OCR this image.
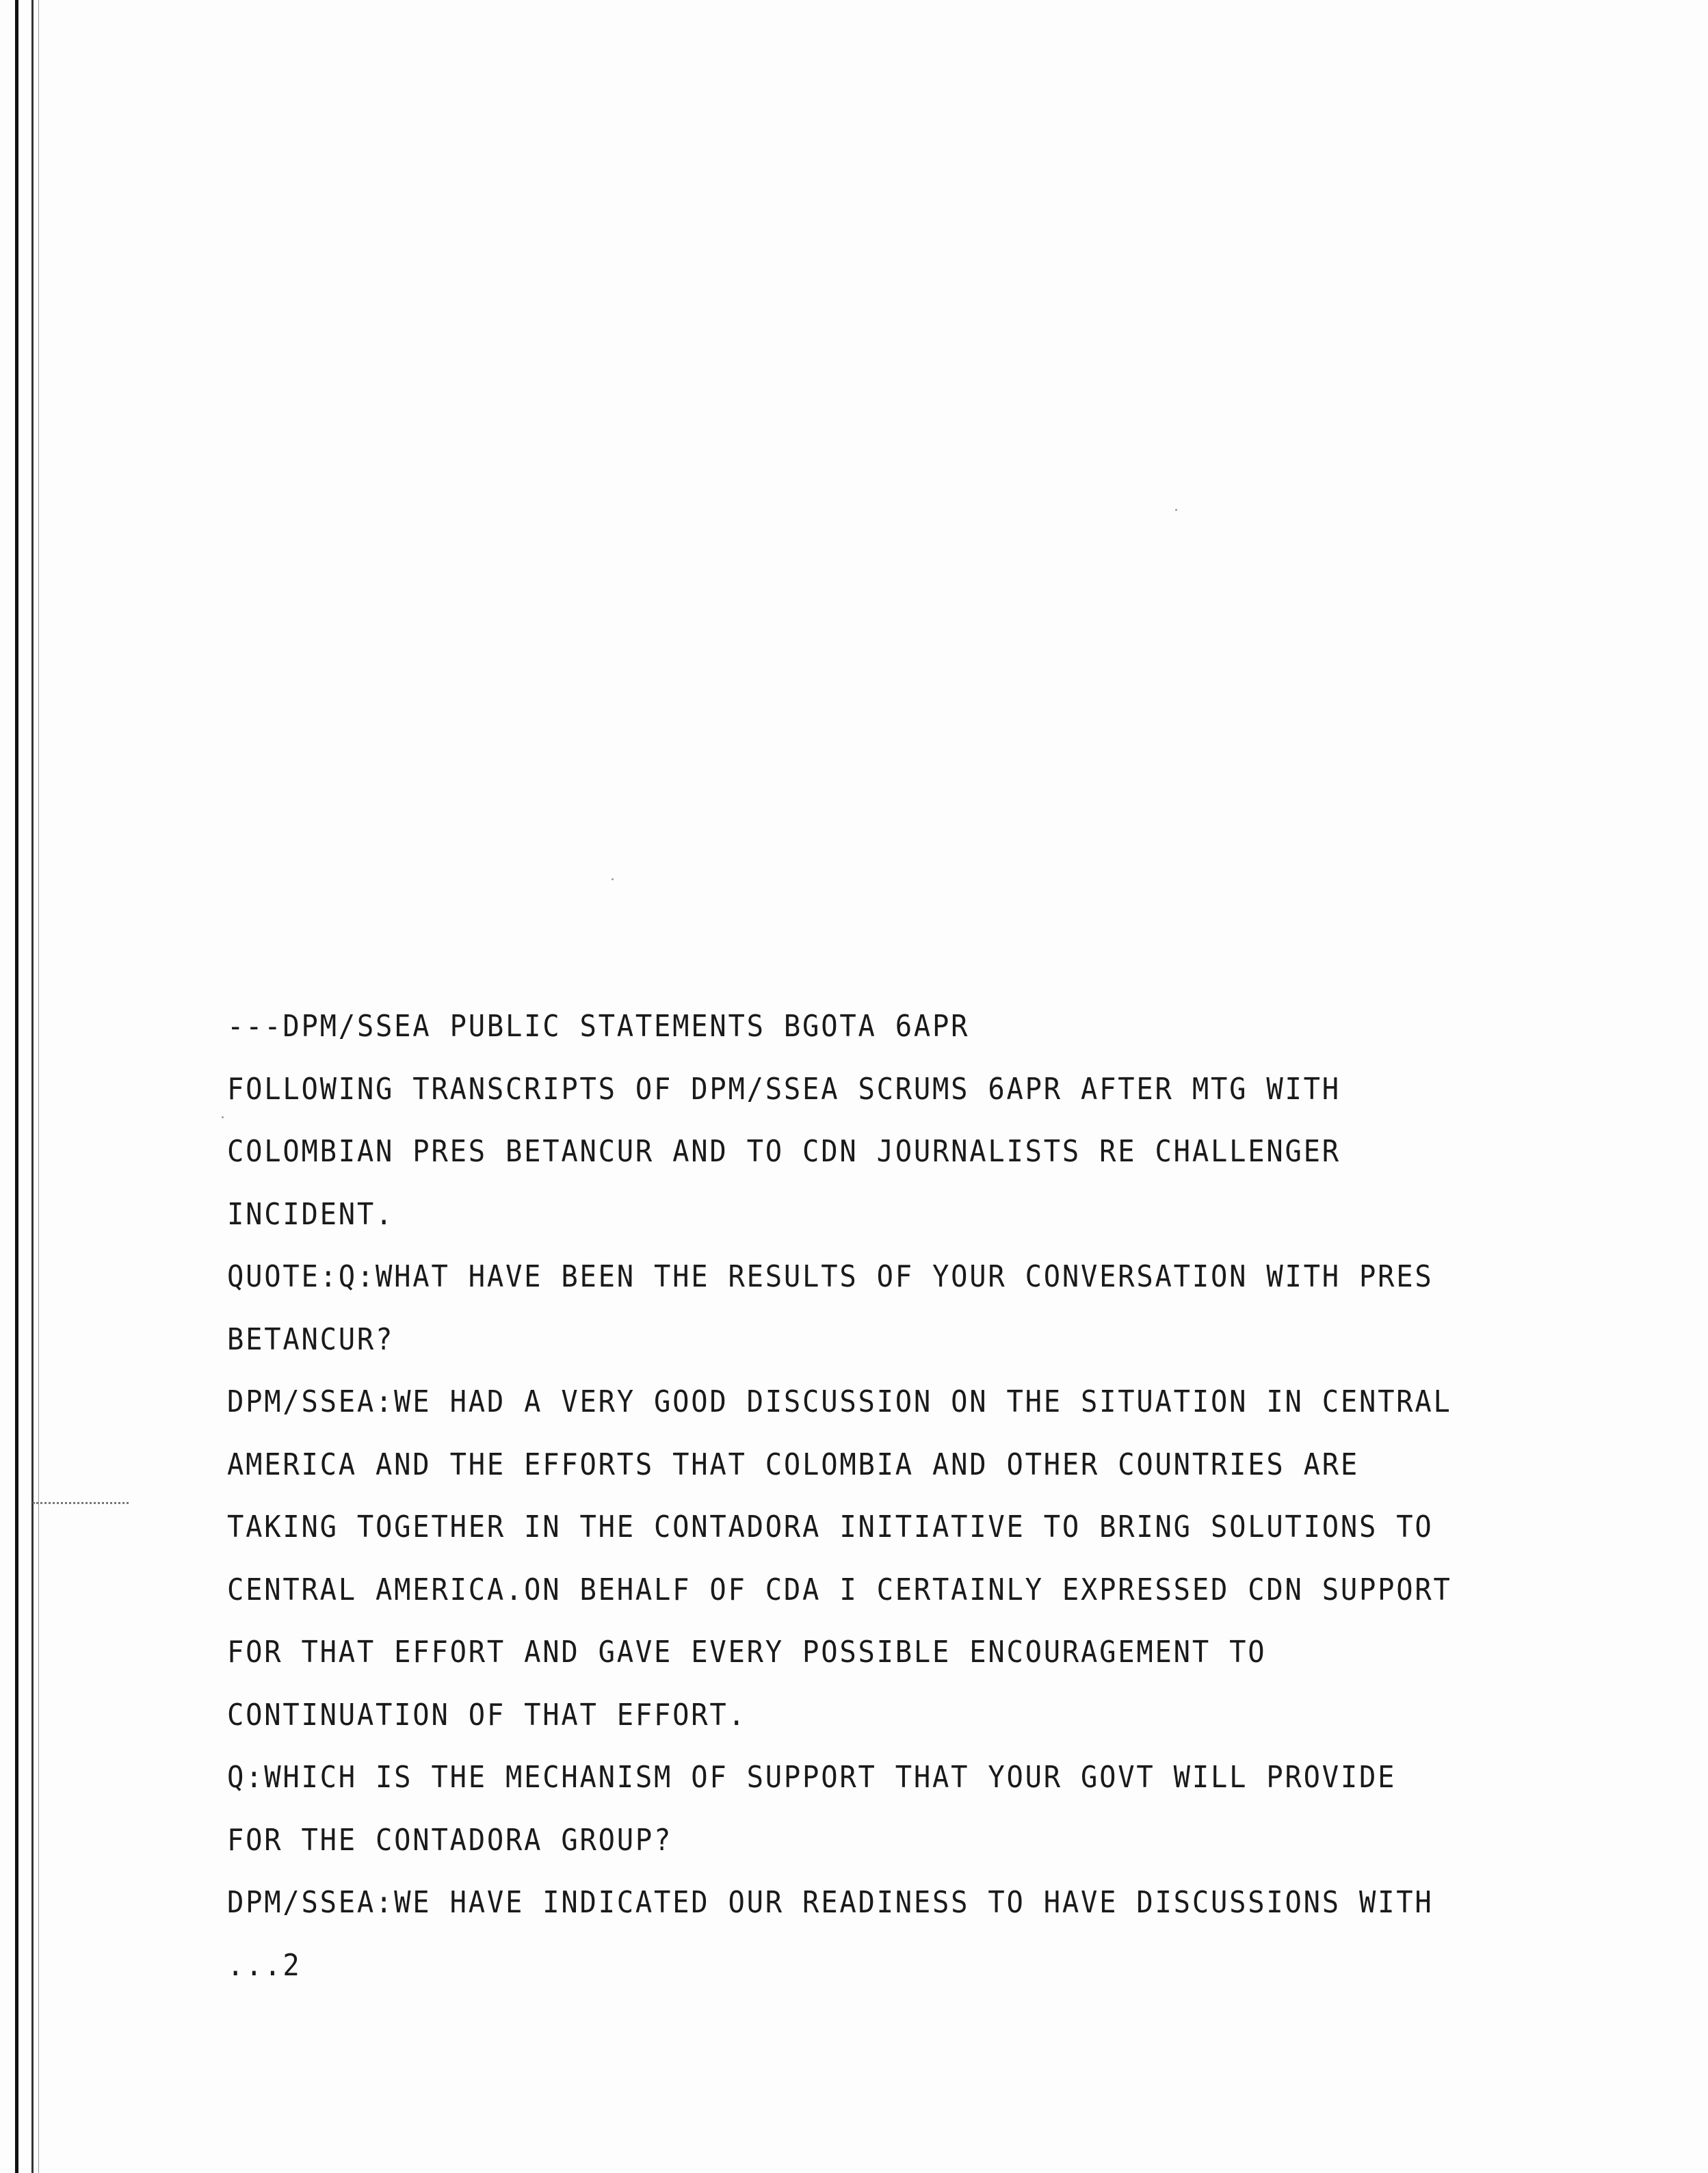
---DPM/SSEA PUBLIC STATEMENTS BGOTA 6APR
FOLLOWING TRANSCRIPTS OF DPM/SSEA SCRUMS 6APR AFTER MTG WITH
COLOMBIAN PRES BETANCUR AND TO CDN JOURNALISTS RE CHALLENGER
INCIDENT.
QUOTE:Q:WHAT HAVE BEEN THE RESULTS OF YOUR CONVERSATION WITH PRES
BETANCUR?
DPM/SSEA:WE HAD A VERY GOOD DISCUSSION ON THE SITUATION IN CENTRAL
AMERICA AND THE EFFORTS THAT COLOMBIA AND OTHER COUNTRIES ARE
TAKING TOGETHER IN THE CONTADORA INITIATIVE TO BRING SOLUTIONS TO
CENTRAL AMERICA.ON BEHALF OF CDA I CERTAINLY EXPRESSED CDN SUPPORT
FOR THAT EFFORT AND GAVE EVERY POSSIBLE ENCOURAGEMENT TO
CONTINUATION OF THAT EFFORT.
Q:WHICH IS THE MECHANISM OF SUPPORT THAT YOUR GOVT WILL PROVIDE
FOR THE CONTADORA GROUP?
DPM/SSEA:WE HAVE INDICATED OUR READINESS TO HAVE DISCUSSIONS WITH
...2
